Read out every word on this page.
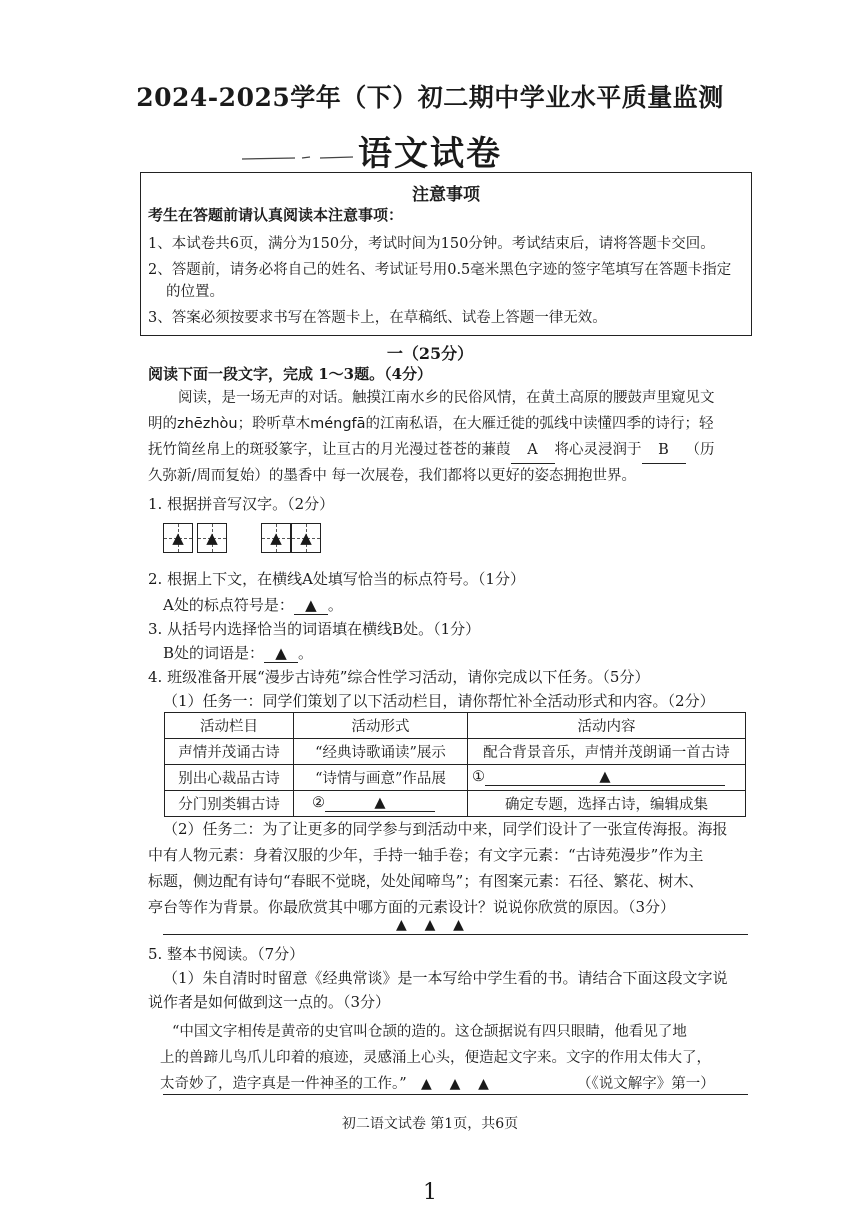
2024-2025学年（下）初二期中学业水平质量监测
语文试卷
注意事项
考生在答题前请认真阅读本注意事项：
1、本试卷共6页，满分为150分，考试时间为150分钟。考试结束后，请将答题卡交回。
2、答题前，请务必将自己的姓名、考试证号用0.5毫米黑色字迹的签字笔填写在答题卡指定
的位置。
3、答案必须按要求书写在答题卡上，在草稿纸、试卷上答题一律无效。
一（25分）
阅读下面一段文字，完成 1～3题。（4分）
阅读，是一场无声的对话。触摸江南水乡的民俗风情，在黄土高原的腰鼓声里窥见文
明的zhēzhòu；聆听草木méngfā的江南私语，在大雁迁徙的弧线中读懂四季的诗行；轻
抚竹简丝帛上的斑驳篆字，让亘古的月光漫过苍苍的蒹葭 A 将心灵浸润于 B （历
久弥新/周而复始）的墨香中 每一次展卷，我们都将以更好的姿态拥抱世界。
1. 根据拼音写汉字。（2分）
▲	▲	▲	▲
2. 根据上下文，在横线A处填写恰当的标点符号。（1分）
A处的标点符号是： ▲ 。
3. 从括号内选择恰当的词语填在横线B处。（1分）
B处的词语是： ▲ 。
4. 班级准备开展“漫步古诗苑”综合性学习活动，请你完成以下任务。（5分）
（1）任务一：同学们策划了以下活动栏目，请你帮忙补全活动形式和内容。（2分）
活动栏目	活动形式	活动内容
声情并茂诵古诗	“经典诗歌诵读”展示	配合背景音乐，声情并茂朗诵一首古诗
别出心裁品古诗	“诗情与画意”作品展	① ▲
分门别类辑古诗	② ▲	确定专题，选择古诗，编辑成集
（2）任务二：为了让更多的同学参与到活动中来，同学们设计了一张宣传海报。海报
中有人物元素：身着汉服的少年，手持一轴手卷；有文字元素：“古诗苑漫步”作为主
标题，侧边配有诗句“春眠不觉晓，处处闻啼鸟”；有图案元素：石径、繁花、树木、
亭台等作为背景。你最欣赏其中哪方面的元素设计？说说你欣赏的原因。（3分）
▲    ▲    ▲
5. 整本书阅读。（7分）
（1）朱自清时时留意《经典常谈》是一本写给中学生看的书。请结合下面这段文字说
说作者是如何做到这一点的。（3分）
“中国文字相传是黄帝的史官叫仓颉的造的。这仓颉据说有四只眼睛，他看见了地
上的兽蹄儿鸟爪儿印着的痕迹，灵感涌上心头，便造起文字来。文字的作用太伟大了，
太奇妙了，造字真是一件神圣的工作。”	（《说文解字》第一）
▲    ▲    ▲
初二语文试卷 第1页，共6页
1
